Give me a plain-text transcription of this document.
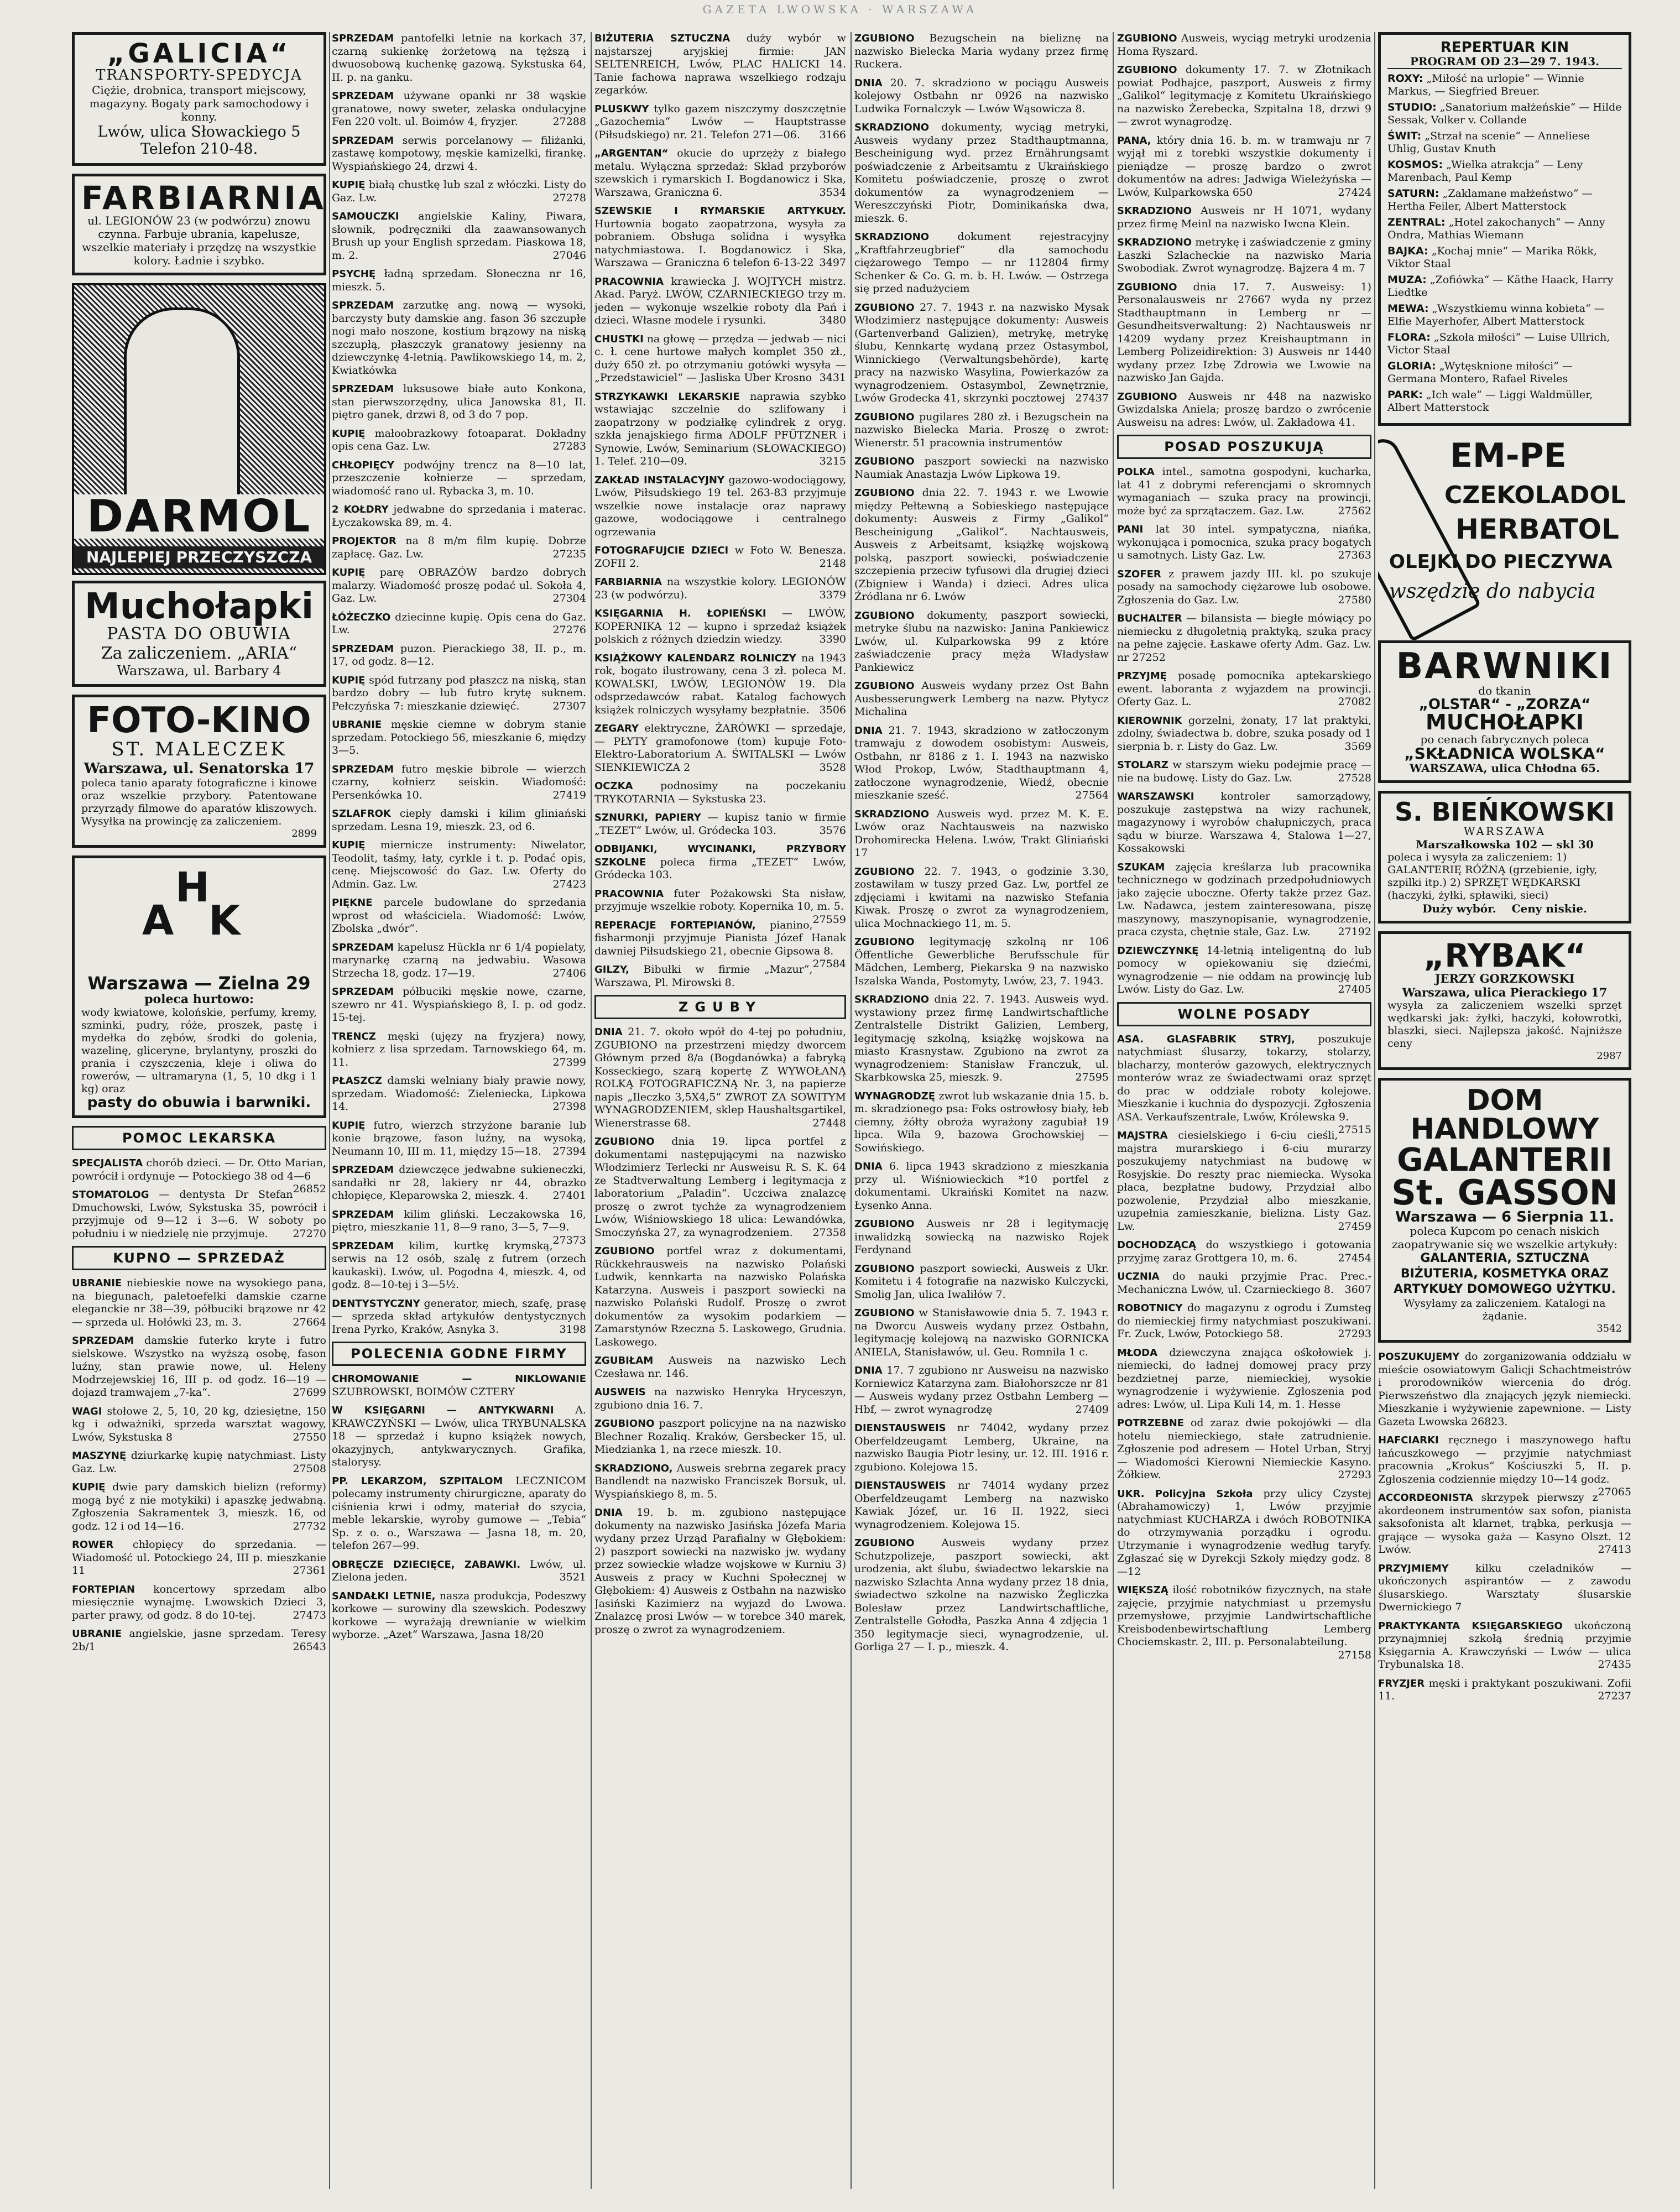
GAZETA LWOWSKA · WARSZAWA
„GALICIA“
TRANSPORTY-SPEDYCJA
Ciężie, drobnica, transport miejscowy, magazyny. Bogaty park samochodowy i konny.
Lwów, ulica Słowackiego 5
Telefon 210-48.
FARBIARNIA
ul. LEGIONÓW 23 (w podwórzu) znowu czynna. Farbuje ubrania, kapelusze, wszelkie materiały i przędzę na wszystkie kolory. Ładnie i szybko.
DARMOL
NAJLEPIEJ PRZECZYSZCZA
Muchołapki
PASTA DO OBUWIA
Za zaliczeniem. „ARIA“
Warszawa, ul. Barbary 4
FOTO-KINO
ST. MALECZEK
Warszawa, ul. Senatorska 17
poleca tanio aparaty fotograficzne i kinowe oraz wszelkie przybory. Patentowane przyrządy filmowe do aparatów kliszowych. Wysyłka na prowincję za zaliczeniem.
2899
H
A K
Warszawa — Zielna 29
poleca hurtowo:
wody kwiatowe, kolońskie, perfumy, kremy, szminki, pudry, róże, proszek, pastę i mydełka do zębów, środki do golenia, wazelinę, gliceryne, brylantyny, proszki do prania i czyszczenia, kleje i oliwa do rowerów, — ultramaryna (1, 5, 10 dkg i 1 kg) oraz
pasty do obuwia i barwniki.
POMOC LEKARSKA

SPECJALISTA chorób dzieci. — Dr. Otto Marian, powrócił i ordynuje — Potockiego 38 od 4—6
26852

STOMATOLOG — dentysta Dr Stefan Dmuchowski, Lwów, Sykstuska 35, powrócił i przyjmuje od 9—12 i 3—6. W soboty po południu i w niedzielę nie przyjmuje. 27270

KUPNO — SPRZEDAŻ

UBRANIE niebieskie nowe na wysokiego pana, na biegunach, paletoefelki damskie czarne eleganckie nr 38—39, półbuciki brązowe nr 42 — sprzeda ul. Hołówki 23, m. 3.	27664

SPRZEDAM damskie futerko kryte i futro sielskowe. Wszystko na wyższą osobę, fason luźny, stan prawie nowe, ul. Heleny Modrzejewskiej 16, III p. od godz. 16—19 — dojazd tramwajem „7-ka“.	27699

WAGI stołowe 2, 5, 10, 20 kg, dziesiętne, 150 kg i odważniki, sprzeda warsztat wagowy, Lwów, Sykstuska 8	27550

MASZYNĘ dziurkarkę kupię natychmiast. Listy Gaz. Lw.	27508

KUPIĘ dwie pary damskich bielizn (reformy) mogą być z nie motykiki) i apaszkę jedwabną. Zgłoszenia Sakramentek 3, mieszk. 16, od godz. 12 i od 14—16.	27732

ROWER chłopięcy do sprzedania. — Wiadomość ul. Potockiego 24, III p. mieszkanie 11	27361

FORTEPIAN koncertowy sprzedam albo miesięcznie wynajmę. Lwowskich Dzieci 3, parter prawy, od godz. 8 do 10-tej.	27473

UBRANIE angielskie, jasne sprzedam. Teresy 2b/1	26543

SPRZEDAM pantofelki letnie na korkach 37, czarną sukienkę żorżetową na tęższą i dwuosobową kuchenkę gazową. Sykstuska 64, II. p. na ganku.

SPRZEDAM używane opanki nr 38 wąskie granatowe, nowy sweter, zelaska ondulacyjne Fen 220 volt. ul. Boimów 4, fryzjer.	27288

SPRZEDAM serwis porcelanowy — filiżanki, zastawę kompotowy, męskie kamizelki, firankę. Wyspiańskiego 24, drzwi 4.

KUPIĘ białą chustkę lub szal z włóczki. Listy do Gaz. Lw.	27278

SAMOUCZKI angielskie Kaliny, Piwara, słownik, podręczniki dla zaawansowanych Brush up your English sprzedam. Piaskowa 18, m. 2.	27046

PSYCHĘ ładną sprzedam. Słoneczna nr 16, mieszk. 5.

SPRZEDAM zarzutkę ang. nową — wysoki, barczysty buty damskie ang. fason 36 szczupłe nogi mało noszone, kostium brązowy na niską szczupłą, płaszczyk granatowy jesienny na dziewczynkę 4-letnią. Pawlikowskiego 14, m. 2, Kwiatkówka

SPRZEDAM luksusowe białe auto Konkona, stan pierwszorzędny, ulica Janowska 81, II. piętro ganek, drzwi 8, od 3 do 7 pop.

KUPIĘ małoobrazkowy fotoaparat. Dokładny opis cena Gaz. Lw.	27283

CHŁOPIĘCY podwójny trencz na 8—10 lat, przeszczenie kołnierze — sprzedam, wiadomość rano ul. Rybacka 3, m. 10.

2 KOŁDRY jedwabne do sprzedania i materac. Łyczakowska 89, m. 4.

PROJEKTOR na 8 m/m film kupię. Dobrze zapłacę. Gaz. Lw.	27235

KUPIĘ parę OBRAZÓW bardzo dobrych malarzy. Wiadomość proszę podać ul. Sokoła 4, Gaz. Lw.	27304

ŁÓŻECZKO dziecinne kupię. Opis cena do Gaz. Lw.	27276

SPRZEDAM puzon. Pierackiego 38, II. p., m. 17, od godz. 8—12.

KUPIĘ spód futrzany pod płaszcz na niską, stan bardzo dobry — lub futro krytę suknem. Pełczyńska 7: mieszkanie dziewięć.	27307

UBRANIE męskie ciemne w dobrym stanie sprzedam. Potockiego 56, mieszkanie 6, między 3—5.

SPRZEDAM futro męskie bibrole — wierzch czarny, kołnierz seiskin. Wiadomość: Persenkówka 10.	27419

SZLAFROK ciepły damski i kilim gliniański sprzedam. Lesna 19, mieszk. 23, od 6.

KUPIĘ miernicze instrumenty: Niwelator, Teodolit, taśmy, łaty, cyrkle i t. p. Podać opis, cenę. Miejscowość do Gaz. Lw. Oferty do Admin. Gaz. Lw.	27423

PIĘKNE parcele budowlane do sprzedania wprost od właściciela. Wiadomość: Lwów, Zbolska „dwór“.

SPRZEDAM kapelusz Hückla nr 6 1/4 popielaty, marynarkę czarną na jedwabiu. Wasowa Strzecha 18, godz. 17—19.	27406

SPRZEDAM półbuciki męskie nowe, czarne, szewro nr 41. Wyspiańskiego 8, I. p. od godz. 15-tej.

TRENCZ męski (ujęzy na fryzjera) nowy, kołnierz z lisa sprzedam. Tarnowskiego 64, m. 11.	27399

PŁASZCZ damski welniany biały prawie nowy, sprzedam. Wiadomość: Zieleniecka, Lipkowa 14.	27398

KUPIĘ futro, wierzch strzyżone baranie lub konie brązowe, fason luźny, na wysoką, Neumann 10, III m. 11, między 15—18. 27394

SPRZEDAM dziewczęce jedwabne sukieneczki, sandałki nr 28, lakiery nr 44, obrazko chłopięce, Kleparowska 2, mieszk. 4. 27401

SPRZEDAM kilim gliński. Leczakowska 16, piętro, mieszkanie 11, 8—9 rano, 3—5, 7—9.
27373

SPRZEDAM kilim, kurtkę krymską, serwis na 12 osób, szalę z futrem (orzech kaukaski). Lwów, ul. Pogodna 4, mieszk. 4, od godz. 8—10-tej i 3—5½.

DENTYSTYCZNY generator, miech, szafę, prasę — sprzeda skład artykułów dentystycznych Irena Pyrko, Kraków, Asnyka 3.	3198

POLECENIA GODNE FIRMY

CHROMOWANIE — NIKLOWANIE SZUBROWSKI, BOIMÓW CZTERY

W KSIĘGARNI — ANTYKWARNI A. KRAWCZYŃSKI — Lwów, ulica TRYBUNALSKA 18 — sprzedaż i kupno książek nowych, okazyjnych, antykwarycznych. Grafika, stalorysy.

PP. LEKARZOM, SZPITALOM LECZNICOM polecamy instrumenty chirurgiczne, aparaty do ciśnienia krwi i odmy, materiał do szycia, meble lekarskie, wyroby gumowe — „Tebia“ Sp. z o. o., Warszawa — Jasna 18, m. 20, telefon 267—99.

OBRĘCZE DZIECIĘCE, ZABAWKI. Lwów, ul. Zielona jeden.	3521

SANDAŁKI LETNIE, nasza produkcja, Podeszwy korkowe — surowiny dla szewskich. Podeszwy korkowe — wyrażają drewnianie w wielkim wyborze. „Azet“ Warszawa, Jasna 18/20

BIŻUTERIA SZTUCZNA duży wybór w najstarszej aryjskiej firmie: JAN SELTENREICH, Lwów, PLAC HALICKI 14. Tanie fachowa naprawa wszelkiego rodzaju zegarków.

PLUSKWY tylko gazem niszczymy doszczętnie „Gazochemia“ Lwów — Hauptstrasse (Piłsudskiego) nr. 21. Telefon 271—06. 3166

„ARGENTAN“ okucie do uprzęży z białego metalu. Wyłączna sprzedaż: Skład przyborów szewskich i rymarskich I. Bogdanowicz i Ska, Warszawa, Graniczna 6.	3534

SZEWSKIE I RYMARSKIE ARTYKUŁY. Hurtownia bogato zaopatrzona, wysyła za pobraniem. Obsługa solidna i wysyłka natychmiastowa. I. Bogdanowicz i Ska, Warszawa — Graniczna 6 telefon 6-13-22 3497

PRACOWNIA krawiecka J. WOJTYCH mistrz. Akad. Paryż. LWÓW, CZARNIECKIEGO trzy m. jeden — wykonuje wszelkie roboty dla Pań i dzieci. Własne modele i rysunki.	3480

CHUSTKI na głowę — przędza — jedwab — nici c. ł. cene hurtowe małych komplet 350 zł., duży 650 zł. po otrzymaniu gotówki wysyła — „Przedstawiciel“ — Jasliska Uber Krosno 3431

STRZYKAWKI LEKARSKIE naprawia szybko wstawiając szczelnie do szlifowany i zaopatrzony w podziałkę cylindrek z oryg. szkła jenajskiego firma ADOLF PFÜTZNER i Synowie, Lwów, Seminarium (SŁOWACKIEGO) 1. Telef. 210—09.	3215

ZAKŁAD INSTALACYJNY gazowo-wodociągowy, Lwów, Piłsudskiego 19 tel. 263-83 przyjmuje wszelkie nowe instalacje oraz naprawy gazowe, wodociągowe i centralnego ogrzewania

FOTOGRAFUJCIE DZIECI w Foto W. Benesza. ZOFII 2.	2148

FARBIARNIA na wszystkie kolory. LEGIONÓW 23 (w podwórzu).	3379

KSIĘGARNIA H. ŁOPIEŃSKI — LWÓW, KOPERNIKA 12 — kupno i sprzedaż książek polskich z różnych dziedzin wiedzy.	3390

KSIĄŻKOWY KALENDARZ ROLNICZY na 1943 rok, bogato ilustrowany, cena 3 zł. poleca M. KOWALSKI, LWÓW, LEGIONÓW 19. Dla odsprzedawców rabat. Katalog fachowych książek rolniczych wysyłamy bezpłatnie. 3506

ZEGARY elektryczne, ŻARÓWKI — sprzedaje, — PŁYTY gramofonowe (tom) kupuje Foto-Elektro-Laboratorium A. ŚWITALSKI — Lwów SIENKIEWICZA 2	3528

OCZKA podnosimy na poczekaniu TRYKOTARNIA — Sykstuska 23.

SZNURKI, PAPIERY — kupisz tanio w firmie „TEZET“ Lwów, ul. Gródecka 103.	3576

ODBIJANKI, WYCINANKI, PRZYBORY SZKOLNE poleca firma „TEZET“ Lwów, Gródecka 103.

PRACOWNIA futer Pożakowski Sta nisław, przyjmuje wszelkie roboty. Kopernika 10, m. 5.
27559

REPERACJE FORTEPIANÓW, pianino, fisharmonji przyjmuje Pianista Józef Hanak dawniej Piłsudskiego 21, obecnie Gipsowa 8.
27584

GILZY, Bibułki w firmie „Mazur“, Warszawa, Pl. Mirowski 8.

ZGUBY

DNIA 21. 7. około wpół do 4-tej po południu, ZGUBIONO na przestrzeni między dworcem Głównym przed 8/a (Bogdanówka) a fabryką Kosseckiego, szarą kopertę Z WYWOŁANĄ ROLKĄ FOTOGRAFICZNĄ Nr. 3, na papierze napis „Ileczko 3,5X4,5“ ZWROT ZA SOWITYM WYNAGRODZENIEM, sklep Haushaltsgartikel, Wienerstrasse 68.	27448

ZGUBIONO dnia 19. lipca portfel z dokumentami następującymi na nazwisko Włodzimierz Terlecki nr Ausweisu R. S. K. 64 ze Stadtverwaltung Lemberg i legitymacja z laboratorium „Paladin“. Uczciwa znalazcę proszę o zwrot tychże za wynagrodzeniem Lwów, Wiśniowskiego 18 ulica: Lewandówka, Smoczyńska 27, za wynagrodzeniem. 27358

ZGUBIONO portfel wraz z dokumentami, Rückkehrausweis na nazwisko Polański Ludwik, kennkarta na nazwisko Polańska Katarzyna. Ausweis i paszport sowiecki na nazwisko Polański Rudolf. Proszę o zwrot dokumentów za wysokim podarkiem — Zamarstynów Rzeczna 5. Laskowego, Grudnia. Laskowego.

ZGUBIŁAM Ausweis na nazwisko Lech Czesława nr. 146.

AUSWEIS na nazwisko Henryka Hryceszyn, zgubiono dnia 16. 7.

ZGUBIONO paszport policyjne na na nazwisko Blechner Rozaliq. Kraków, Gersbecker 15, ul. Miedzianka 1, na rzece mieszk. 10.

SKRADZIONO, Ausweis srebrna zegarek pracy Bandlendt na nazwisko Franciszek Borsuk, ul. Wyspiańskiego 8, m. 5.

DNIA 19. b. m. zgubiono następujące dokumenty na nazwisko Jasińska Józefa Maria wydany przez Urząd Parafialny w Głębokiem: 2) paszport sowiecki na nazwisko jw. wydany przez sowieckie władze wojskowe w Kurniu 3) Ausweis z pracy w Kuchni Społecznej w Głębokiem: 4) Ausweis z Ostbahn na nazwisko Jasiński Kazimierz na wyjazd do Lwowa. Znalazcę prosi Lwów — w torebce 340 marek, proszę o zwrot za wynagrodzeniem.

ZGUBIONO Bezugschein na bieliznę na nazwisko Bielecka Maria wydany przez firmę Ruckera.

DNIA 20. 7. skradziono w pociągu Ausweis kolejowy Ostbahn nr 0926 na nazwisko Ludwika Fornalczyk — Lwów Wąsowicza 8.

SKRADZIONO dokumenty, wyciąg metryki, Ausweis wydany przez Stadthauptmanna, Bescheinigung wyd. przez Ernährungsamt poświadczenie z Arbeitsamtu z Ukraińskiego Komitetu poświadczenie, proszę o zwrot dokumentów za wynagrodzeniem — Wereszczyński Piotr, Dominikańska dwa, mieszk. 6.

SKRADZIONO dokument rejestracyjny „Kraftfahrzeugbrief“ dla samochodu ciężarowego Tempo — nr 112804 firmy Schenker & Co. G. m. b. H. Lwów. — Ostrzega się przed nadużyciem

ZGUBIONO 27. 7. 1943 r. na nazwisko Mysak Włodzimierz następujące dokumenty: Ausweis (Gartenverband Galizien), metrykę, metrykę ślubu, Kennkartę wydaną przez Ostasymbol, Winnickiego (Verwaltungsbehörde), kartę pracy na nazwisko Wasylina, Powierkazów za wynagrodzeniem. Ostasymbol, Zewnętrznie, Lwów Grodecka 41, skrzynki pocztowej 27437

ZGUBIONO pugilares 280 zł. i Bezugschein na nazwisko Bielecka Maria. Proszę o zwrot: Wienerstr. 51 pracownia instrumentów

ZGUBIONO paszport sowiecki na nazwisko Naumiak Anastazja Lwów Lipkowa 19.

ZGUBIONO dnia 22. 7. 1943 r. we Lwowie między Pełtewną a Sobieskiego następujące dokumenty: Ausweis z Firmy „Galikol“ Bescheinigung „Galikol“. Nachtausweis, Ausweis z Arbeitsamt, książkę wojskową polską, paszport sowiecki, poświadczenie szczepienia przeciw tyfusowi dla drugiej dzieci (Zbigniew i Wanda) i dzieci. Adres ulica Źródlana nr 6. Lwów

ZGUBIONO dokumenty, paszport sowiecki, metryke ślubu na nazwisko: Janina Pankiewicz Lwów, ul. Kulparkowska 99 z które zaświadczenie pracy męża Władysław Pankiewicz

ZGUBIONO Ausweis wydany przez Ost Bahn Ausbesserungwerk Lemberg na nazw. Płytycz Michalina

DNIA 21. 7. 1943, skradziono w zatłoczonym tramwaju z dowodem osobistym: Ausweis, Ostbahn, nr 8186 z 1. I. 1943 na nazwisko Włod Prokop, Lwów, Stadthauptmann 4, zatłoczone wynagrodzenie, Wiedź, obecnie mieszkanie sześć.	27564

SKRADZIONO Ausweis wyd. przez M. K. E. Lwów oraz Nachtausweis na nazwisko Drohomirecka Helena. Lwów, Trakt Gliniański 17

ZGUBIONO 22. 7. 1943, o godzinie 3.30, zostawiłam w tuszy przed Gaz. Lw, portfel ze zdjęciami i kwitami na nazwisko Stefania Kiwak. Proszę o zwrot za wynagrodzeniem, ulica Mochnackiego 11, m. 5.

ZGUBIONO legitymację szkolną nr 106 Öffentliche Gewerbliche Berufsschule für Mädchen, Lemberg, Piekarska 9 na nazwisko Iszalska Wanda, Postomyty, Lwów, 23, 7. 1943.

SKRADZIONO dnia 22. 7. 1943. Ausweis wyd. wystawiony przez firmę Landwirtschaftliche Zentralstelle Distrikt Galizien, Lemberg, legitymację szkolną, książkę wojskowa na miasto Krasnystaw. Zgubiono na zwrot za wynagrodzeniem: Stanisław Franczuk, ul. Skarbkowska 25, mieszk. 9.	27595

WYNAGRODZĘ zwrot lub wskazanie dnia 15. b. m. skradzionego psa: Foks ostrowłosy biały, łeb ciemny, żółty obroża wyrażony zagubiał 19 lipca. Wila 9, bazowa Grochowskiej — Sowińskiego.

DNIA 6. lipca 1943 skradziono z mieszkania przy ul. Wiśniowieckich *10 portfel z dokumentami. Ukraiński Komitet na nazw. Łysenko Anna.

ZGUBIONO Ausweis nr 28 i legitymację inwalidzką sowiecką na nazwisko Rojek Ferdynand

ZGUBIONO paszport sowiecki, Ausweis z Ukr. Komitetu i 4 fotografie na nazwisko Kulczycki, Smolig Jan, ulica Iwaliłów 7.

ZGUBIONO w Stanisławowie dnia 5. 7. 1943 r. na Dworcu Ausweis wydany przez Ostbahn, legitymację kolejową na nazwisko GORNICKA ANIELA, Stanisławów, ul. Geu. Romnila 1 c.

DNIA 17. 7 zgubiono nr Ausweisu na nazwisko Korniewicz Katarzyna zam. Białohorszcze nr 81 — Ausweis wydany przez Ostbahn Lemberg — Hbf, — zwrot wynagrodzę	27409

DIENSTAUSWEIS nr 74042, wydany przez Oberfeldzeugamt Lemberg, Ukraine, na nazwisko Baugia Piotr lesiny, ur. 12. III. 1916 r. zgubiono. Kolejowa 15.

DIENSTAUSWEIS nr 74014 wydany przez Oberfeldzeugamt Lemberg na nazwisko Kawiak Józef, ur. 16 II. 1922, sieci wynagrodzeniem. Kolejowa 15.

ZGUBIONO Ausweis wydany przez Schutzpolizeje, paszport sowiecki, akt urodzenia, akt ślubu, świadectwo lekarskie na nazwisko Szlachta Anna wydany przez 18 dnia, świadectwo szkolne na nazwisko Żegliczka Bolesław przez Landwirtschaftliche, Zentralstelle Gołodła, Paszka Anna 4 zdjęcia 1 350 legitymacje sieci, wynagrodzenie, ul. Gorliga 27 — I. p., mieszk. 4.

ZGUBIONO Ausweis, wyciąg metryki urodzenia Homa Ryszard.

ZGUBIONO dokumenty 17. 7. w Złotnikach powiat Podhajce, paszport, Ausweis z firmy „Galikol“ legitymację z Komitetu Ukraińskiego na nazwisko Żerebecka, Szpitalna 18, drzwi 9 — zwrot wynagrodzę.

PANA, który dnia 16. b. m. w tramwaju nr 7 wyjął mi z torebki wszystkie dokumenty i pieniądze — proszę bardzo o zwrot dokumentów na adres: Jadwiga Wieleżyńska — Lwów, Kulparkowska 650	27424

SKRADZIONO Ausweis nr H 1071, wydany przez firmę Meinl na nazwisko Iwcna Klein.

SKRADZIONO metrykę i zaświadczenie z gminy Łaszki Szlacheckie na nazwisko Maria Swobodiak. Zwrot wynagrodzę. Bajzera 4 m. 7

ZGUBIONO dnia 17. 7. Ausweisy: 1) Personalausweis nr 27667 wyda ny przez Stadthauptmann in Lemberg nr — Gesundheitsverwaltung: 2) Nachtausweis nr 14209 wydany przez Kreishauptmann in Lemberg Polizeidirektion: 3) Ausweis nr 1440 wydany przez Izbę Zdrowia we Lwowie na nazwisko Jan Gajda.

ZGUBIONO Ausweis nr 448 na nazwisko Gwizdalska Aniela; proszę bardzo o zwrócenie Ausweisu na adres: Lwów, ul. Zakładowa 41.

POSAD POSZUKUJĄ

POLKA intel., samotna gospodyni, kucharka, lat 41 z dobrymi referencjami o skromnych wymaganiach — szuka pracy na prowincji, może być za sprzątaczem. Gaz. Lw.	27562

PANI lat 30 intel. sympatyczna, niańka, wykonująca i pomocnica, szuka pracy bogatych u samotnych. Listy Gaz. Lw.	27363

SZOFER z prawem jazdy III. kl. po szukuje posady na samochody ciężarowe lub osobowe. Zgłoszenia do Gaz. Lw.	27580

BUCHALTER — bilansista — biegłe mówiący po niemiecku z długoletnią praktyką, szuka pracy na pełne zajęcie. Łaskawe oferty Adm. Gaz. Lw. nr 27252

PRZYJMĘ posadę pomocnika aptekarskiego ewent. laboranta z wyjazdem na prowincji. Oferty Gaz. L.	27082

KIEROWNIK gorzelni, żonaty, 17 lat praktyki, zdolny, świadectwa b. dobre, szuka posady od 1 sierpnia b. r. Listy do Gaz. Lw.	3569

STOLARZ w starszym wieku podejmie pracę — nie na budowę. Listy do Gaz. Lw.	27528

WARSZAWSKI kontroler samorządowy, poszukuje zastępstwa na wizy rachunek, magazynowy i wyrobów chałupniczych, praca sądu w biurze. Warszawa 4, Stalowa 1—27, Kossakowski

SZUKAM zajęcia kreślarza lub pracownika technicznego w godzinach przedpołudniowych jako zajęcie uboczne. Oferty także przez Gaz. Lw. Nadawca, jestem zainteresowana, piszę maszynowy, maszynopisanie, wynagrodzenie, praca czysta, chętnie stale, Gaz. Lw.	27192

DZIEWCZYNKĘ 14-letnią inteligentną do lub pomocy w opiekowaniu się dziećmi, wynagrodzenie — nie oddam na prowincję lub Lwów. Listy do Gaz. Lw.	27405

WOLNE POSADY

ASA. GLASFABRIK STRYJ, poszukuje natychmiast ślusarzy, tokarzy, stolarzy, blacharzy, monterów gazowych, elektrycznych monterów wraz ze świadectwami oraz sprzęt do prac w oddziale roboty kolejowe. Mieszkanie i kuchnia do dyspozycji. Zgłoszenia ASA. Verkaufszentrale, Lwów, Królewska 9.
27515

MAJSTRA ciesielskiego i 6-ciu cieśli, majstra murarskiego i 6-ciu murarzy poszukujemy natychmiast na budowę w Rosyjskie. Do reszty prac niemiecka. Wysoka płaca, bezpłatne budowy, Przydział albo pozwolenie, Przydział albo mieszkanie, uzupełnia zamieszkanie, bielizna. Listy Gaz. Lw.	27459

DOCHODZĄCĄ do wszystkiego i gotowania przyjmę zaraz Grottgera 10, m. 6.	27454

UCZNIA do nauki przyjmie Prac. Prec.-Mechaniczna Lwów, ul. Czarnieckiego 8. 3607

ROBOTNICY do magazynu z ogrodu i Zumsteg do niemieckiej firmy natychmiast poszukiwani. Fr. Zuck, Lwów, Potockiego 58.	27293

MŁODA dziewczyna znająca ośkołowiek j. niemiecki, do ładnej domowej pracy przy bezdzietnej parze, niemieckiej, wysokie wynagrodzenie i wyżywienie. Zgłoszenia pod adres: Lwów, ul. Lipa Kuli 14, m. 1. Hesse

POTRZEBNE od zaraz dwie pokojówki — dla hotelu niemieckiego, stałe zatrudnienie. Zgłoszenie pod adresem — Hotel Urban, Stryj — Wiadomości Kierowni Niemieckie Kasyno. Żółkiew.	27293

UKR. Policyjna Szkoła przy ulicy Czystej (Abrahamowiczy) 1, Lwów przyjmie natychmiast KUCHARZA i dwóch ROBOTNIKA do otrzymywania porządku i ogrodu. Utrzymanie i wynagrodzenie według taryfy. Zgłaszać się w Dyrekcji Szkoły między godz. 8—12

WIĘKSZĄ ilość robotników fizycznych, na stałe zajęcie, przyjmie natychmiast u przemysłu przemysłowe, przyjmie Landwirtschaftliche Kreisbodenbewirtschaftlung Lemberg Chociemskastr. 2, III. p. Personalabteilung.
27158

REPERTUAR KIN
PROGRAM OD 23—29 7. 1943.
ROXY: „Miłość na urlopie“ — Winnie Markus, — Siegfried Breuer.
STUDIO: „Sanatorium małżeńskie“ — Hilde Sessak, Volker v. Collande
ŚWIT: „Strzał na scenie“ — Anneliese Uhlig, Gustav Knuth
KOSMOS: „Wielka atrakcja“ — Leny Marenbach, Paul Kemp
SATURN: „Zaklamane małżeństwo“ — Hertha Feiler, Albert Matterstock
ZENTRAL: „Hotel zakochanych“ — Anny Ondra, Mathias Wiemann
BAJKA: „Kochaj mnie“ — Marika Rökk, Viktor Staal
MUZA: „Zofiówka“ — Käthe Haack, Harry Liedtke
MEWA: „Wszystkiemu winna kobieta“ — Elfie Mayerhofer, Albert Matterstock
FLORA: „Szkoła miłości“ — Luise Ullrich, Victor Staal
GLORIA: „Wytęsknione miłości“ — Germana Montero, Rafael Riveles
PARK: „Ich wale“ — Liggi Waldmüller, Albert Matterstock
EM-PE
CZEKOLADOL
HERBATOL
OLEJKI DO PIECZYWA
wszędzie do nabycia
BARWNIKI
do tkanin
„OLSTAR“ - „ZORZA“
MUCHOŁAPKI
po cenach fabrycznych poleca
„SKŁADNICA WOLSKA“
WARSZAWA, ulica Chłodna 65.
S. BIEŃKOWSKI
WARSZAWA
Marszałkowska 102 — skl 30
poleca i wysyła za zaliczeniem: 1) GALANTERIĘ RÓŻNĄ (grzebienie, igły, szpilki itp.) 2) SPRZĘT WĘDKARSKI (haczyki, żyłki, spławiki, sieci)
Duży wybór.    Ceny niskie.
„RYBAK“
JERZY GORZKOWSKI
Warszawa, ulica Pierackiego 17
wysyła za zaliczeniem wszelki sprzęt wędkarski jak: żyłki, haczyki, kołowrotki, blaszki, sieci. Najlepsza jakość. Najniższe ceny
2987
DOM HANDLOWY
GALANTERII
St. GASSON
Warszawa — 6 Sierpnia 11.
poleca Kupcom po cenach niskich zaopatrywanie się we wszelkie artykuły:
GALANTERIA, SZTUCZNA BIŻUTERIA, KOSMETYKA ORAZ ARTYKUŁY DOMOWEGO UŻYTKU.
Wysyłamy za zaliczeniem. Katalogi na żądanie.
3542

POSZUKUJEMY do zorganizowania oddziału w mieście osowiatowym Galicji Schachtmeistrów i prorodowników wiercenia do dróg. Pierwszeństwo dla znających język niemiecki. Mieszkanie i wyżywienie zapewnione. — Listy Gazeta Lwowska 26823.

HAFCIARKI ręcznego i maszynowego haftu łańcuszkowego — przyjmie natychmiast pracownia „Krokus“ Kościuszki 5, II. p. Zgłoszenia codziennie między 10—14 godz.
27065

ACCORDEONISTA skrzypek pierwszy z akordeonem instrumentów sax sofon, pianista saksofonista alt klarnet, trąbka, perkusja — grające — wysoka gaża — Kasyno Olszt. 12 Lwów.	27413

PRZYJMIEMY kilku czeladników — ukończonych aspirantów — z zawodu ślusarskiego. Warsztaty ślusarskie Dwernickiego 7

PRAKTYKANTA KSIĘGARSKIEGO ukończoną przynajmniej szkołą średnią przyjmie Księgarnia A. Krawczyński — Lwów — ulica Trybunalska 18.	27435

FRYZJER męski i praktykant poszukiwani. Zofii 11.	27237
